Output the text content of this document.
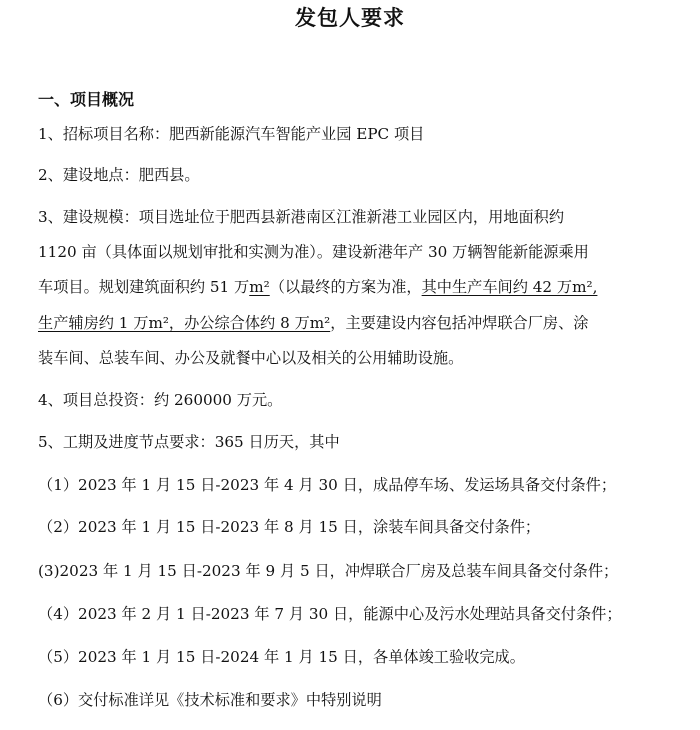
发包人要求
一、项目概况
1、招标项目名称：肥西新能源汽车智能产业园 EPC 项目
2、建设地点：肥西县。
3、建设规模：项目选址位于肥西县新港南区江淮新港工业园区内，用地面积约
1120 亩（具体面以规划审批和实测为准）。建设新港年产 30 万辆智能新能源乘用
车项目。规划建筑面积约 51 万m²（以最终的方案为准，其中生产车间约 42 万m²,
生产辅房约 1 万m²，办公综合体约 8 万m²，主要建设内容包括冲焊联合厂房、涂
装车间、总装车间、办公及就餐中心以及相关的公用辅助设施。
4、项目总投资：约 260000 万元。
5、工期及进度节点要求：365 日历天，其中
（1）2023 年 1 月 15 日-2023 年 4 月 30 日，成品停车场、发运场具备交付条件；
（2）2023 年 1 月 15 日-2023 年 8 月 15 日，涂装车间具备交付条件；
(3)2023 年 1 月 15 日-2023 年 9 月 5 日，冲焊联合厂房及总装车间具备交付条件；
（4）2023 年 2 月 1 日-2023 年 7 月 30 日，能源中心及污水处理站具备交付条件；
（5）2023 年 1 月 15 日-2024 年 1 月 15 日，各单体竣工验收完成。
（6）交付标准详见《技术标准和要求》中特别说明
